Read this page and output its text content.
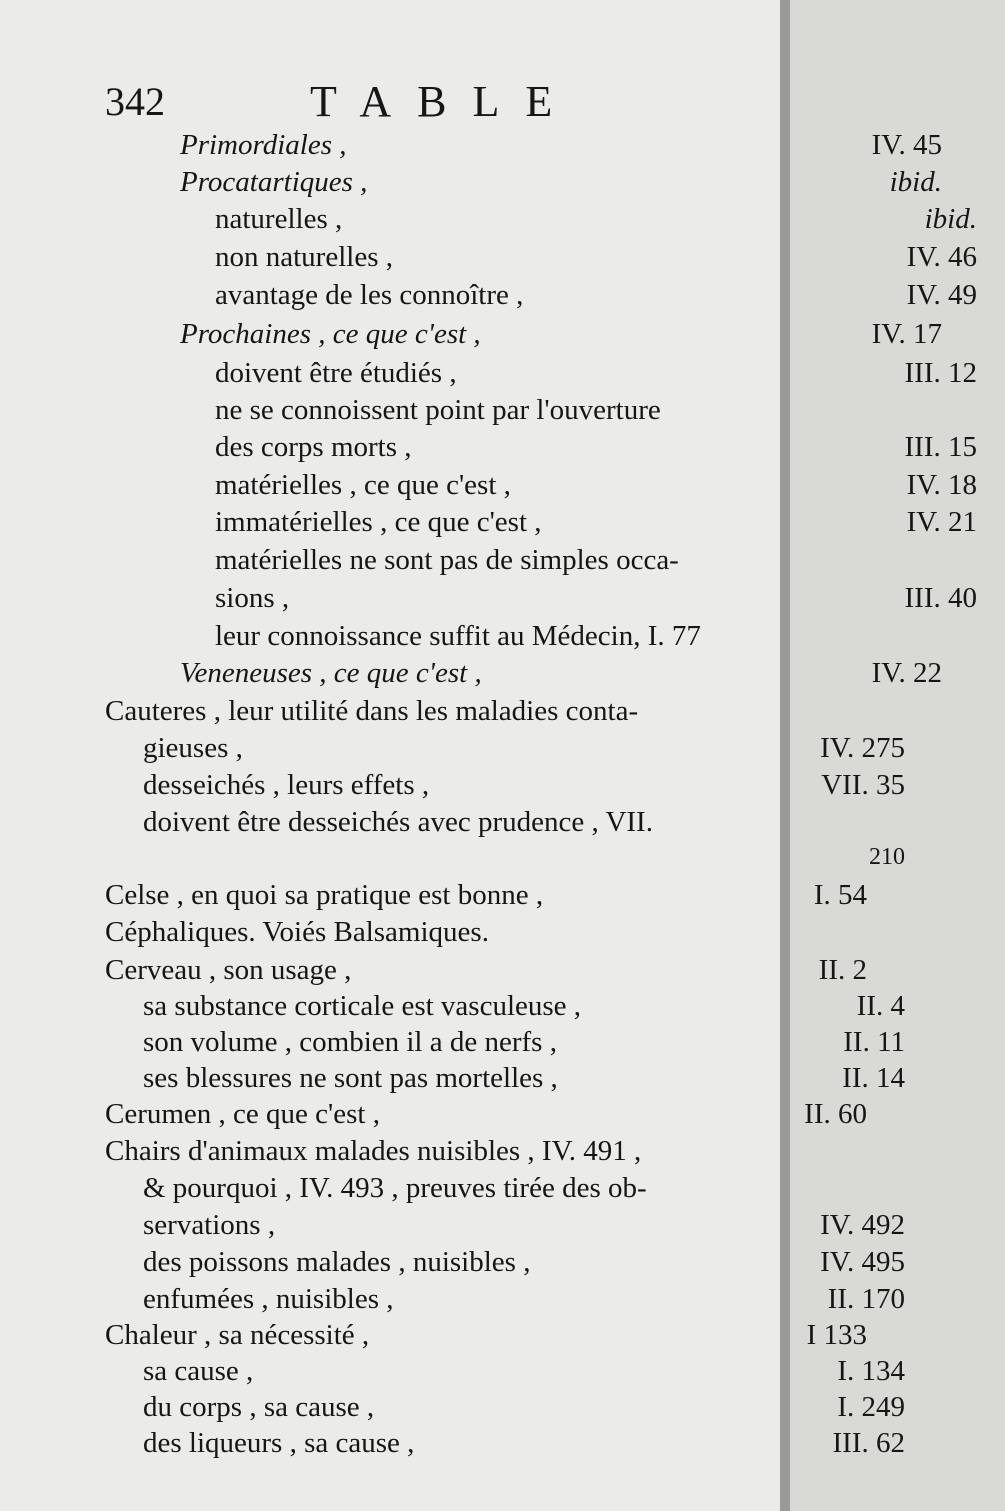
342	TABLE
Primordiales ,	IV. 45
Procatartiques ,	ibid.
naturelles ,	ibid.
non naturelles ,	IV. 46
avantage de les connoître ,	IV. 49
Prochaines , ce que c'est ,	IV. 17
doivent être étudiés ,	III. 12
ne se connoissent point par l'ouverture
des corps morts ,	III. 15
matérielles , ce que c'est ,	IV. 18
immatérielles , ce que c'est ,	IV. 21
matérielles ne sont pas de simples occa-
sions ,	III. 40
leur connoissance suffit au Médecin, I. 77
Veneneuses , ce que c'est ,	IV. 22
Cauteres , leur utilité dans les maladies conta-
gieuses ,	IV. 275
desseichés , leurs effets ,	VII. 35
doivent être desseichés avec prudence , VII.
210
Celse , en quoi sa pratique est bonne ,	I. 54
Céphaliques. Voiés Balsamiques.
Cerveau , son usage ,	II. 2
sa substance corticale est vasculeuse ,	II. 4
son volume , combien il a de nerfs ,	II. 11
ses blessures ne sont pas mortelles ,	II. 14
Cerumen , ce que c'est ,	II. 60
Chairs d'animaux malades nuisibles , IV. 491 ,
& pourquoi , IV. 493 , preuves tirée des ob-
servations ,	IV. 492
des poissons malades , nuisibles ,	IV. 495
enfumées , nuisibles ,	II. 170
Chaleur , sa nécessité ,	I 133
sa cause ,	I. 134
du corps , sa cause ,	I. 249
des liqueurs , sa cause ,	III. 62
